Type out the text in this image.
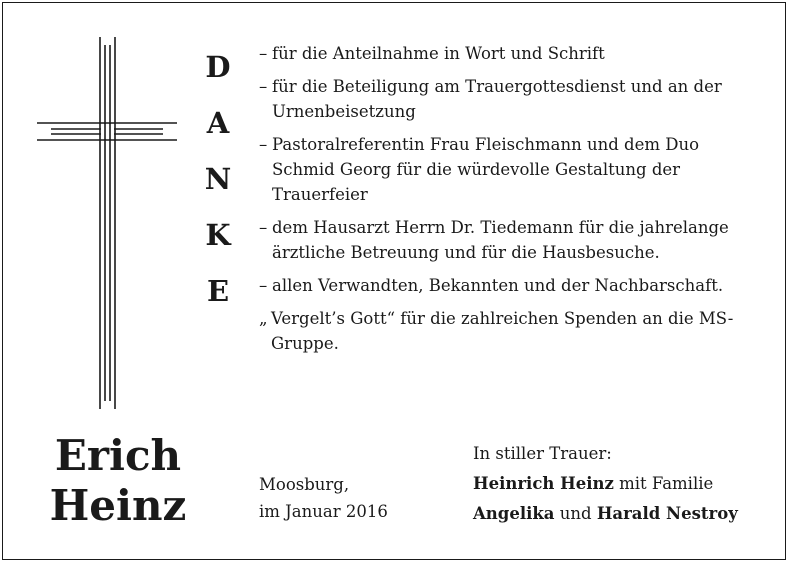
D
A
N
K
E
– für die Anteilnahme in Wort und Schrift
– für die Beteiligung am Trauergottesdienst und an der Urnenbeisetzung
– Pastoralreferentin Frau Fleischmann und dem Duo Schmid Georg für die würdevolle Gestaltung der Trauerfeier
– dem Hausarzt Herrn Dr. Tiedemann für die jahrelange ärztliche Betreuung und für die Hausbesuche.
– allen Verwandten, Bekannten und der Nachbarschaft.
„ Vergelt’s Gott“ für die zahlreichen Spenden an die MS-Gruppe.
Erich
Heinz	Moosburg,
im Januar 2016
In stiller Trauer:
Heinrich Heinz mit Familie
Angelika und Harald Nestroy
